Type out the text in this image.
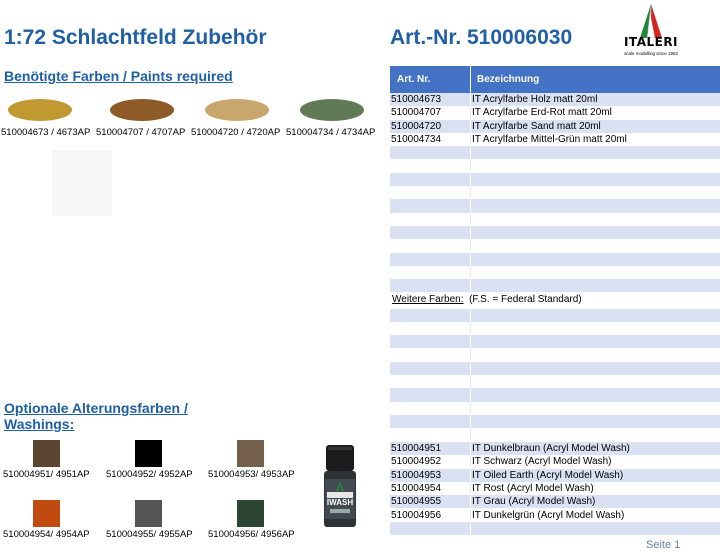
1:72 Schlachtfeld Zubehör	Art.-Nr. 510006030	ITALERI
scale modelling since 1962
Benötigte Farben / Paints required
510004673 / 4673AP 510004707 / 4707AP 510004720 / 4720AP 510004734 / 4734AP
Optionale Alterungsfarben /
Washings:
510004951/ 4951AP 510004952/ 4952AP 510004953/ 4953AP
510004954/ 4954AP 510004955/ 4955AP 510004956/ 4956AP
IWASH
Art. Nr.	Bezeichnung
510004673	IT Acrylfarbe Holz matt 20ml
510004707	IT Acrylfarbe Erd-Rot matt 20ml
510004720	IT Acrylfarbe Sand matt 20ml
510004734	IT Acrylfarbe Mittel-Grün matt 20ml
Weitere Farben: (F.S. = Federal Standard)
510004951	IT Dunkelbraun (Acryl Model Wash)
510004952	IT Schwarz (Acryl Model Wash)
510004953	IT Oiled Earth (Acryl Model Wash)
510004954	IT Rost (Acryl Model Wash)
510004955	IT Grau (Acryl Model Wash)
510004956	IT Dunkelgrün (Acryl Model Wash)
Seite 1
